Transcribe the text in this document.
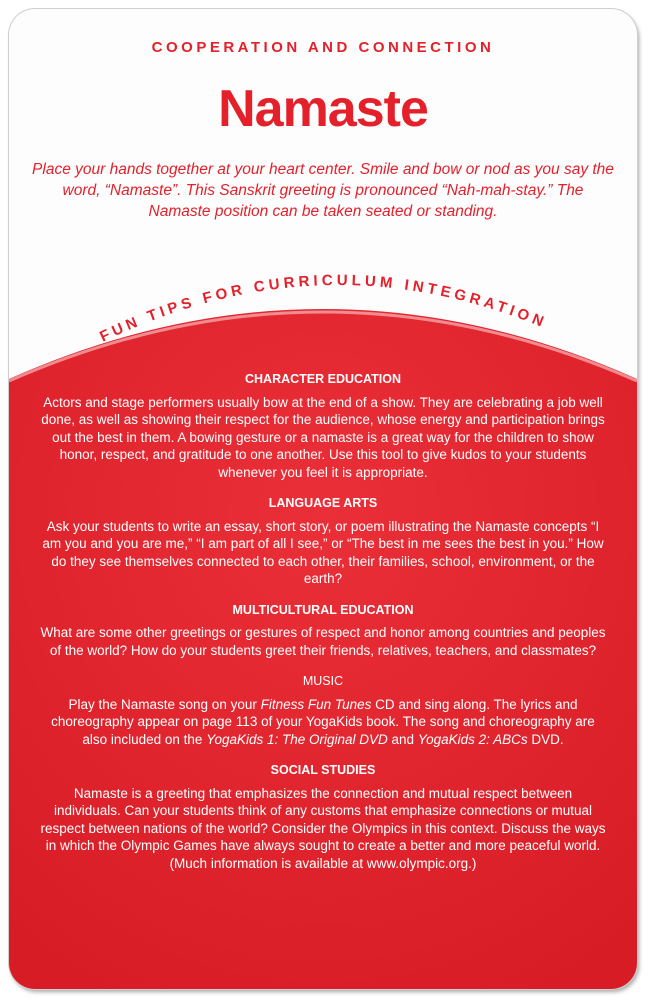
FUN TIPS FOR CURRICULUM INTEGRATION
COOPERATION AND CONNECTION
Namaste
Place your hands together at your heart center. Smile and bow or nod as you say the word, “Namaste”. This Sanskrit greeting is pronounced “Nah-mah-stay.” The Namaste position can be taken seated or standing.
CHARACTER EDUCATION

Actors and stage performers usually bow at the end of a show. They are celebrating a job well done, as well as showing their respect for the audience, whose energy and participation brings out the best in them. A bowing gesture or a namaste is a great way for the children to show honor, respect, and gratitude to one another. Use this tool to give kudos to your students whenever you feel it is appropriate.

LANGUAGE ARTS

Ask your students to write an essay, short story, or poem illustrating the Namaste concepts “I am you and you are me,” “I am part of all I see,” or “The best in me sees the best in you.” How do they see themselves connected to each other, their families, school, environment, or the earth?

MULTICULTURAL EDUCATION

What are some other greetings or gestures of respect and honor among countries and peoples of the world? How do your students greet their friends, relatives, teachers, and classmates?

MUSIC

Play the Namaste song on your Fitness Fun Tunes CD and sing along. The lyrics and choreography appear on page 113 of your YogaKids book. The song and choreography are also included on the YogaKids 1: The Original DVD and YogaKids 2: ABCs DVD.

SOCIAL STUDIES

Namaste is a greeting that emphasizes the connection and mutual respect between individuals. Can your students think of any customs that emphasize connections or mutual respect between nations of the world? Consider the Olympics in this context. Discuss the ways in which the Olympic Games have always sought to create a better and more peaceful world. (Much information is available at www.olympic.org.)
